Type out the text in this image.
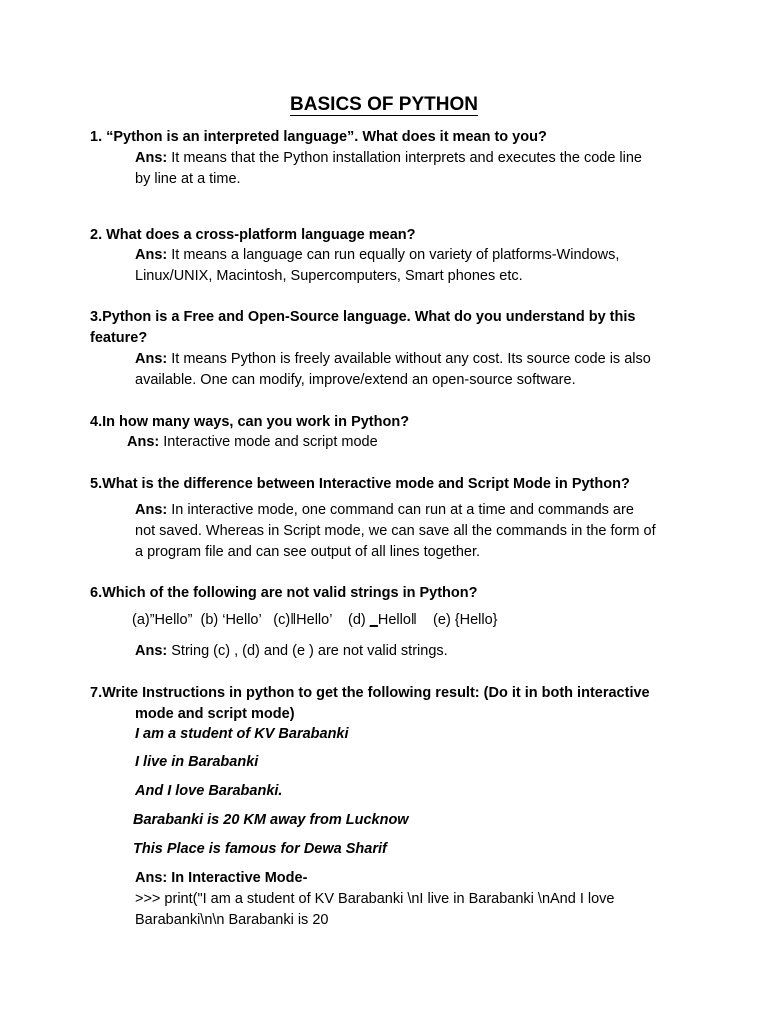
BASICS OF PYTHON

1. “Python is an interpreted language”. What does it mean to you?

Ans: It means that the Python installation interprets and executes the code line
by line at a time.

2. What does a cross-platform language mean?

Ans: It means a language can run equally on variety of platforms-Windows,
Linux/UNIX, Macintosh, Supercomputers, Smart phones etc.

3.Python is a Free and Open-Source language. What do you understand by this
feature?

Ans: It means Python is freely available without any cost. Its source code is also
available. One can modify, improve/extend an open-source software.

4.In how many ways, can you work in Python?

Ans: Interactive mode and script mode

5.What is the difference between Interactive mode and Script Mode in Python?

Ans: In interactive mode, one command can run at a time and commands are
not saved. Whereas in Script mode, we can save all the commands in the form of
a program file and can see output of all lines together.

6.Which of the following are not valid strings in Python?

(a)”Hello” (b) ‘Hello’ (c)‖Hello’ (d) _Hello‖ (e) {Hello}

Ans: String (c) , (d) and (e ) are not valid strings.

7.Write Instructions in python to get the following result: (Do it in both interactive

mode and script mode)

I am a student of KV Barabanki

I live in Barabanki

And I love Barabanki.

Barabanki is 20 KM away from Lucknow

This Place is famous for Dewa Sharif

Ans: In Interactive Mode-

>>> print("I am a student of KV Barabanki \nI live in Barabanki \nAnd I love
Barabanki\n\n Barabanki is 20
